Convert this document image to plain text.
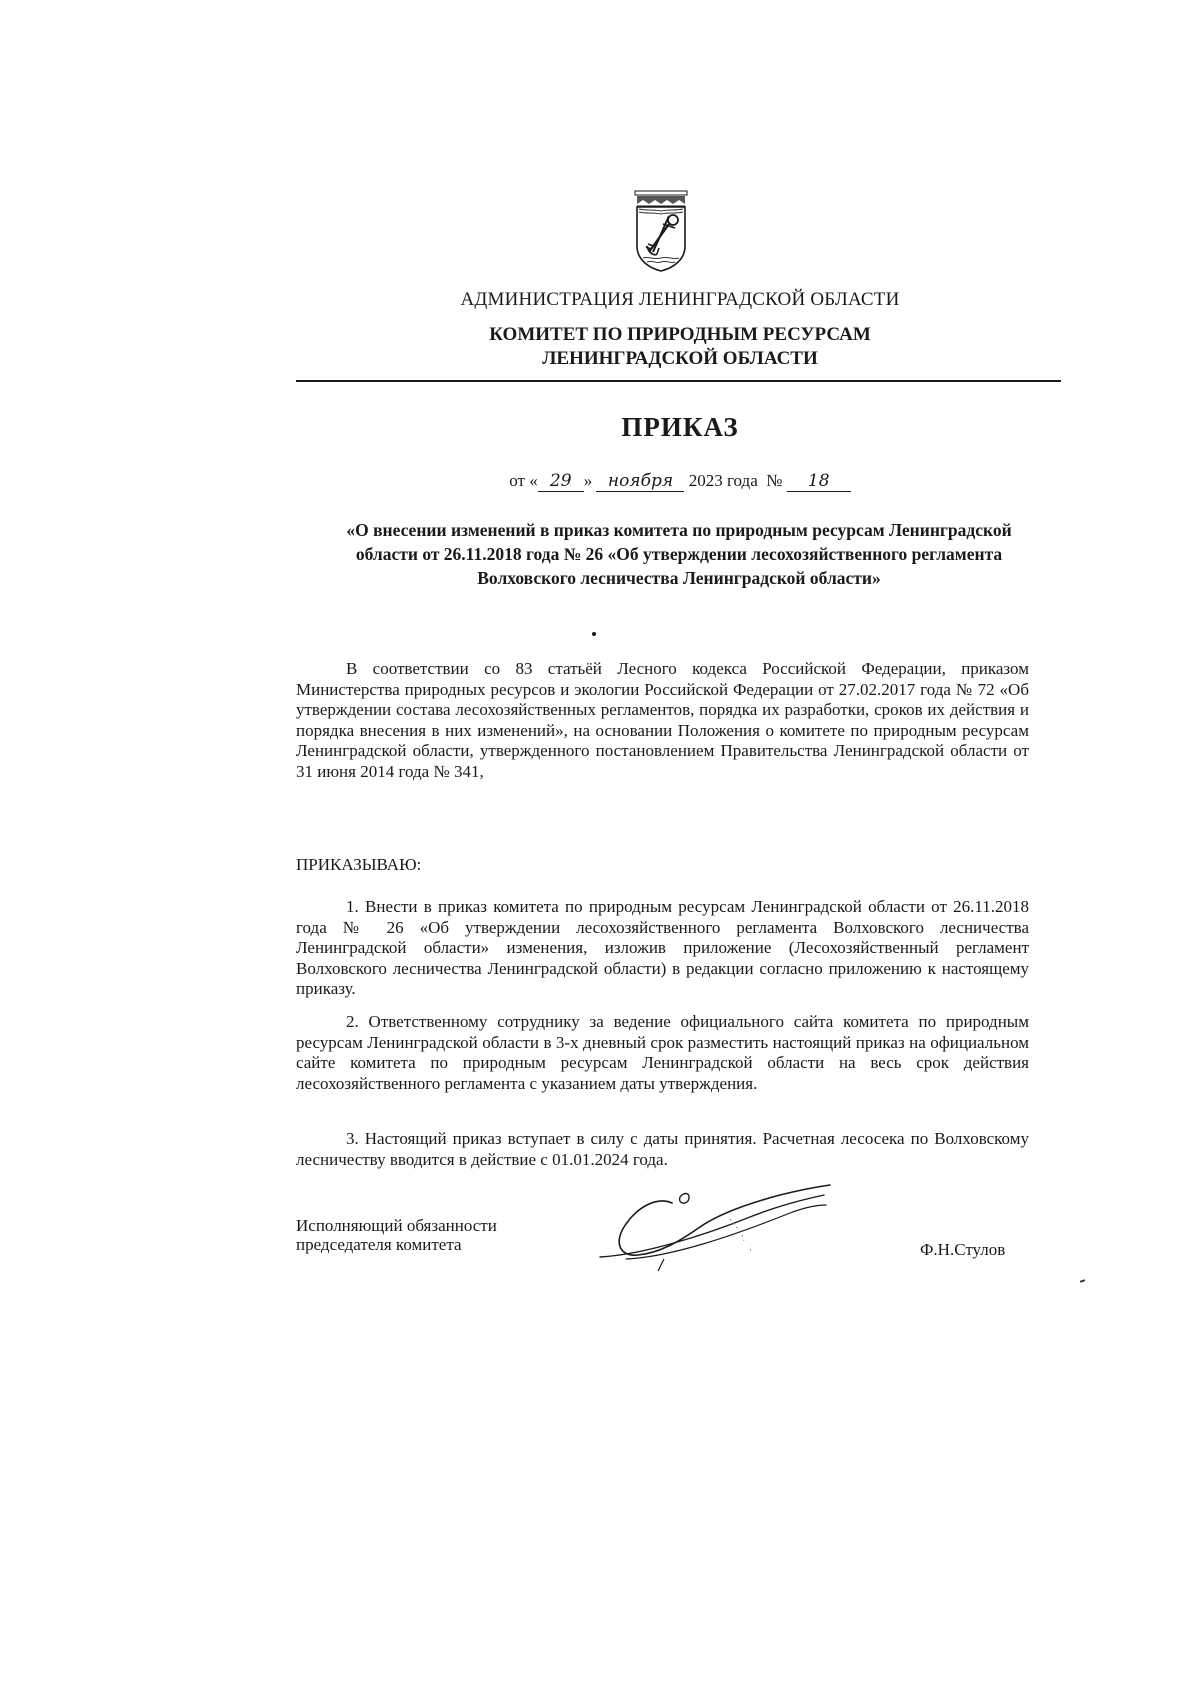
АДМИНИСТРАЦИЯ ЛЕНИНГРАДСКОЙ ОБЛАСТИ
КОМИТЕТ ПО ПРИРОДНЫМ РЕСУРСАМ
ЛЕНИНГРАДСКОЙ ОБЛАСТИ
ПРИКАЗ
от « 29 » ноября 2023 года № 18
«О внесении изменений в приказ комитета по природным ресурсам Ленинградской области от 26.11.2018 года № 26 «Об утверждении лесохозяйственного регламента Волховского лесничества Ленинградской области»

В соответствии со 83 статьёй Лесного кодекса Российской Федерации, приказом Министерства природных ресурсов и экологии Российской Федерации от 27.02.2017 года № 72 «Об утверждении состава лесохозяйственных регламентов, порядка их разработки, сроков их действия и порядка внесения в них изменений», на основании Положения о комитете по природным ресурсам Ленинградской области, утвержденного постановлением Правительства Ленинградской области от 31 июня 2014 года № 341,

ПРИКАЗЫВАЮ:

1. Внести в приказ комитета по природным ресурсам Ленинградской области от 26.11.2018 года № 26 «Об утверждении лесохозяйственного регламента Волховского лесничества Ленинградской области» изменения, изложив приложение (Лесохозяйственный регламент Волховского лесничества Ленинградской области) в редакции согласно приложению к настоящему приказу.

2. Ответственному сотруднику за ведение официального сайта комитета по природным ресурсам Ленинградской области в 3-х дневный срок разместить настоящий приказ на официальном сайте комитета по природным ресурсам Ленинградской области на весь срок действия лесохозяйственного регламента с указанием даты утверждения.

3. Настоящий приказ вступает в силу с даты принятия. Расчетная лесосека по Волховскому лесничеству вводится в действие с 01.01.2024 года.

Исполняющий обязанности
председателя комитета	Ф.Н.Стулов
